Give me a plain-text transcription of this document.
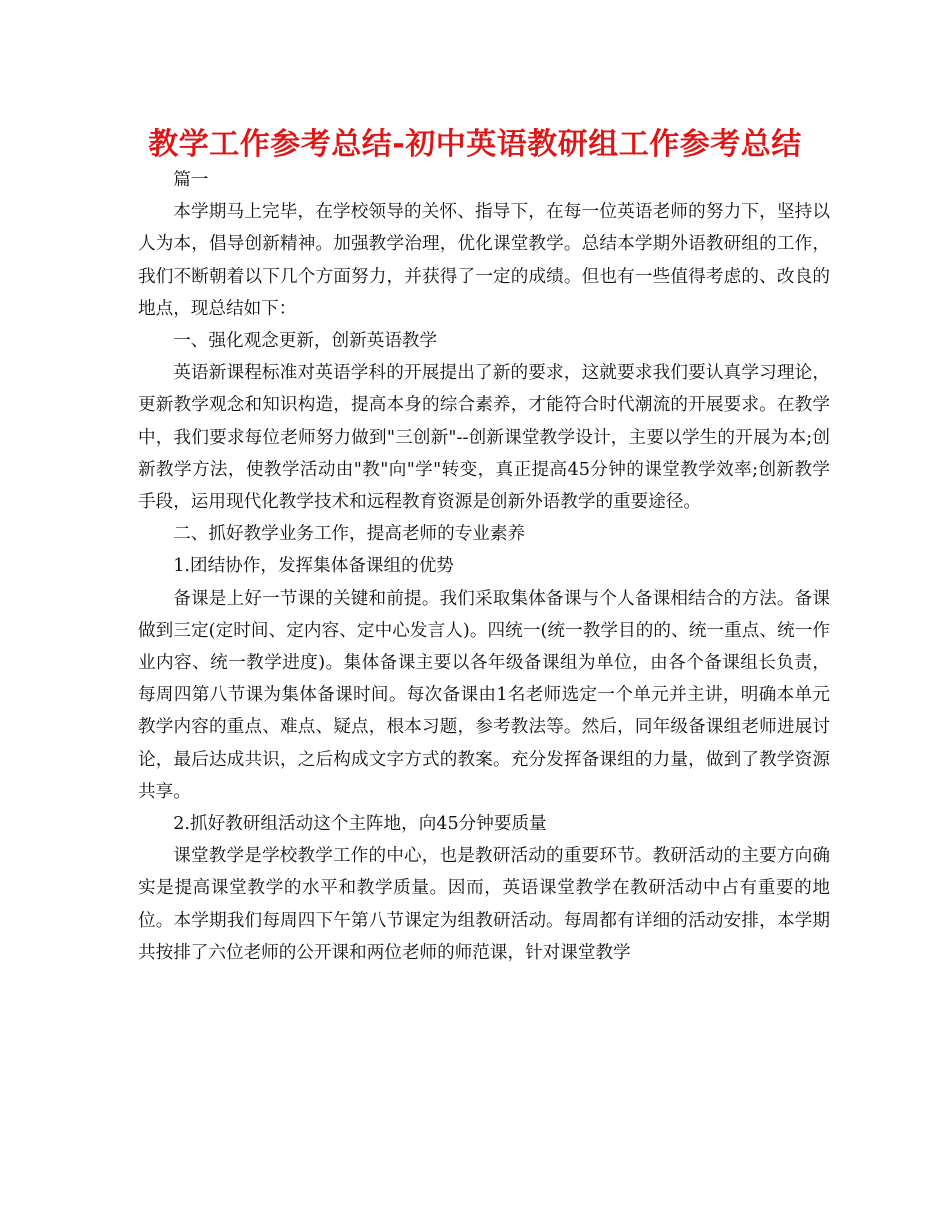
教学工作参考总结-初中英语教研组工作参考总结

篇一

本学期马上完毕，在学校领导的关怀、指导下，在每一位英语老师的努力下，坚持以人为本，倡导创新精神。加强教学治理，优化课堂教学。总结本学期外语教研组的工作，我们不断朝着以下几个方面努力，并获得了一定的成绩。但也有一些值得考虑的、改良的地点，现总结如下：

一、强化观念更新，创新英语教学

英语新课程标准对英语学科的开展提出了新的要求，这就要求我们要认真学习理论，更新教学观念和知识构造，提高本身的综合素养，才能符合时代潮流的开展要求。在教学中，我们要求每位老师努力做到"三创新"--创新课堂教学设计，主要以学生的开展为本;创新教学方法，使教学活动由"教"向"学"转变，真正提高45分钟的课堂教学效率;创新教学手段，运用现代化教学技术和远程教育资源是创新外语教学的重要途径。

二、抓好教学业务工作，提高老师的专业素养

1.团结协作，发挥集体备课组的优势

备课是上好一节课的关键和前提。我们采取集体备课与个人备课相结合的方法。备课做到三定(定时间、定内容、定中心发言人)。四统一(统一教学目的的、统一重点、统一作业内容、统一教学进度)。集体备课主要以各年级备课组为单位，由各个备课组长负责，每周四第八节课为集体备课时间。每次备课由1名老师选定一个单元并主讲，明确本单元教学内容的重点、难点、疑点，根本习题，参考教法等。然后，同年级备课组老师进展讨论，最后达成共识，之后构成文字方式的教案。充分发挥备课组的力量，做到了教学资源共享。

2.抓好教研组活动这个主阵地，向45分钟要质量

课堂教学是学校教学工作的中心，也是教研活动的重要环节。教研活动的主要方向确实是提高课堂教学的水平和教学质量。因而，英语课堂教学在教研活动中占有重要的地位。本学期我们每周四下午第八节课定为组教研活动。每周都有详细的活动安排，本学期共按排了六位老师的公开课和两位老师的师范课，针对课堂教学
